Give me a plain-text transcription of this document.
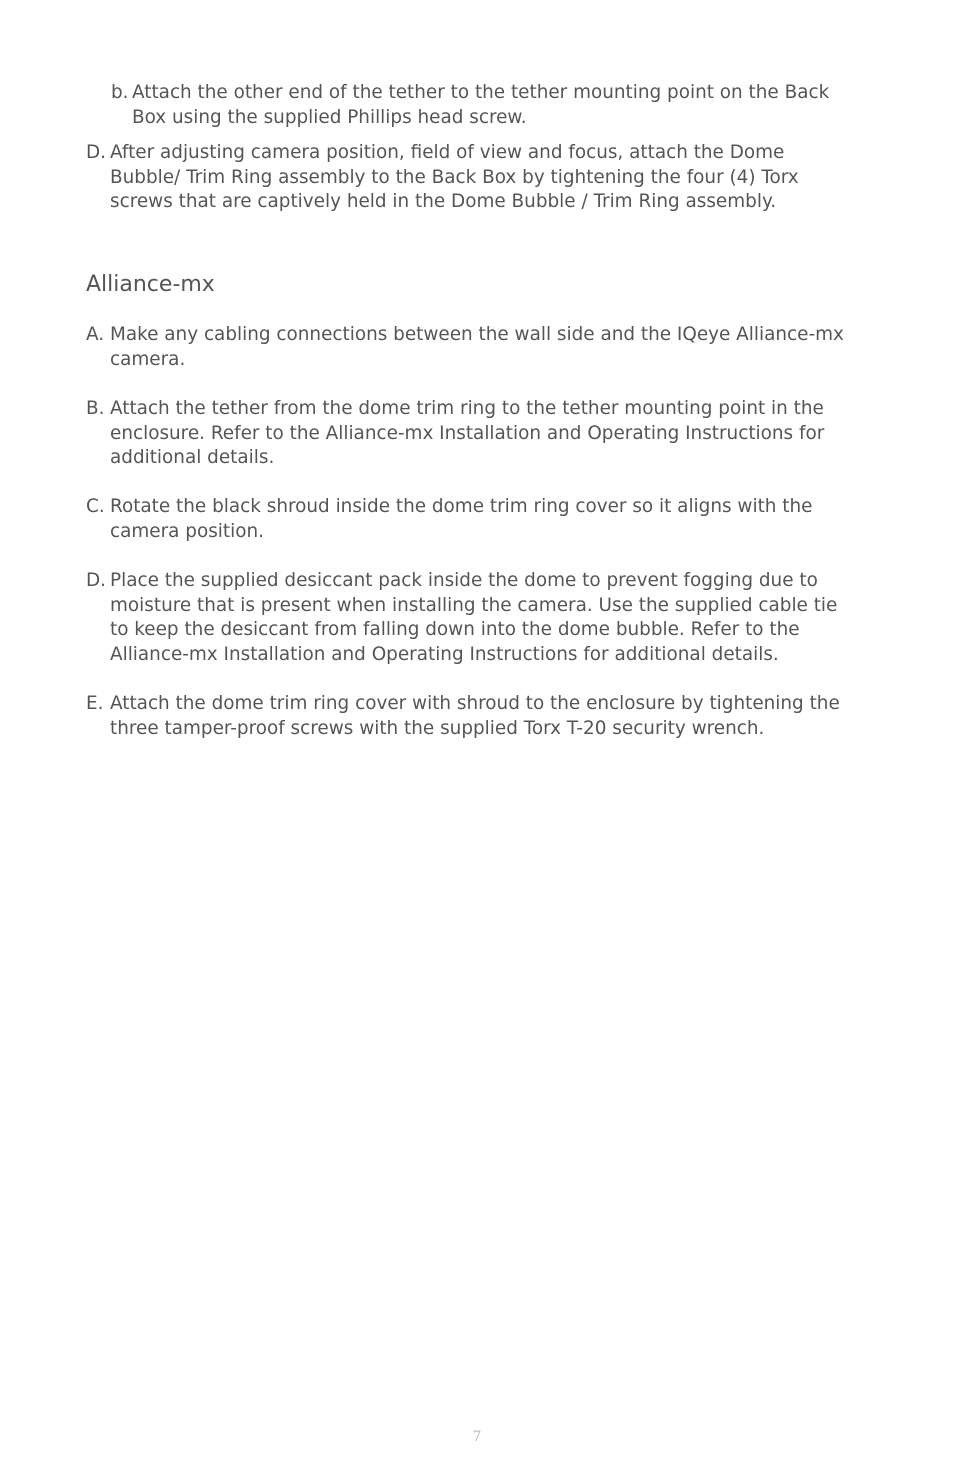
b. Attach the other end of the tether to the tether mounting point on the Back Box using the supplied Phillips head screw.
D. After adjusting camera position, field of view and focus, attach the Dome Bubble/ Trim Ring assembly to the Back Box by tightening the four (4) Torx screws that are captively held in the Dome Bubble / Trim Ring assembly.
Alliance-mx
A. Make any cabling connections between the wall side and the IQeye Alliance-mx camera.
B. Attach the tether from the dome trim ring to the tether mounting point in the enclosure. Refer to the Alliance-mx Installation and Operating Instructions for additional details.
C. Rotate the black shroud inside the dome trim ring cover so it aligns with the camera position.
D. Place the supplied desiccant pack inside the dome to prevent fogging due to moisture that is present when installing the camera. Use the supplied cable tie to keep the desiccant from falling down into the dome bubble. Refer to the Alliance-mx Installation and Operating Instructions for additional details.
E. Attach the dome trim ring cover with shroud to the enclosure by tightening the three tamper-proof screws with the supplied Torx T-20 security wrench.
7
